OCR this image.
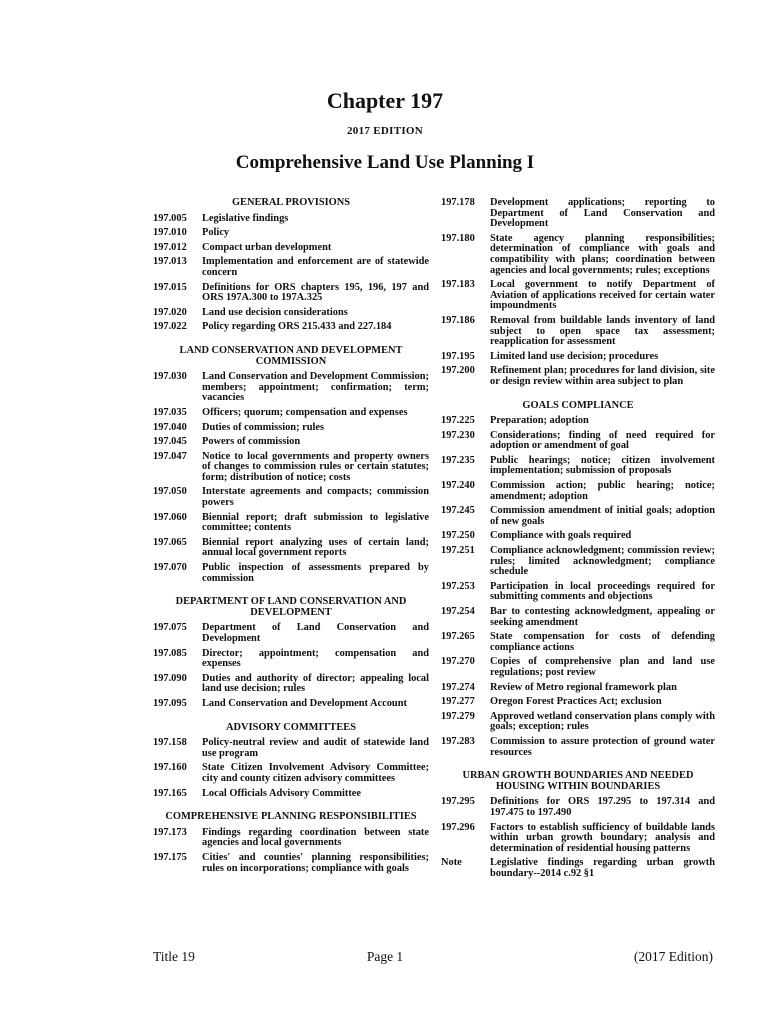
Chapter 197
2017 EDITION
Comprehensive Land Use Planning I
GENERAL PROVISIONS
197.005	Legislative findings
197.010	Policy
197.012	Compact urban development
197.013	Implementation and enforcement are of statewide concern
197.015	Definitions for ORS chapters 195, 196, 197 and ORS 197A.300 to 197A.325
197.020	Land use decision considerations
197.022	Policy regarding ORS 215.433 and 227.184
LAND CONSERVATION AND DEVELOPMENT COMMISSION
197.030	Land Conservation and Development Commission; members; appointment; confirmation; term; vacancies
197.035	Officers; quorum; compensation and expenses
197.040	Duties of commission; rules
197.045	Powers of commission
197.047	Notice to local governments and property owners of changes to commission rules or certain statutes; form; distribution of notice; costs
197.050	Interstate agreements and compacts; commission powers
197.060	Biennial report; draft submission to legislative committee; contents
197.065	Biennial report analyzing uses of certain land; annual local government reports
197.070	Public inspection of assessments prepared by commission
DEPARTMENT OF LAND CONSERVATION AND DEVELOPMENT
197.075	Department of Land Conservation and Development
197.085	Director; appointment; compensation and expenses
197.090	Duties and authority of director; appealing local land use decision; rules
197.095	Land Conservation and Development Account
ADVISORY COMMITTEES
197.158	Policy-neutral review and audit of statewide land use program
197.160	State Citizen Involvement Advisory Committee; city and county citizen advisory committees
197.165	Local Officials Advisory Committee
COMPREHENSIVE PLANNING RESPONSIBILITIES
197.173	Findings regarding coordination between state agencies and local governments
197.175	Cities' and counties' planning responsibilities; rules on incorporations; compliance with goals
197.178	Development applications; reporting to Department of Land Conservation and Development
197.180	State agency planning responsibilities; determination of compliance with goals and compatibility with plans; coordination between agencies and local governments; rules; exceptions
197.183	Local government to notify Department of Aviation of applications received for certain water impoundments
197.186	Removal from buildable lands inventory of land subject to open space tax assessment; reapplication for assessment
197.195	Limited land use decision; procedures
197.200	Refinement plan; procedures for land division, site or design review within area subject to plan
GOALS COMPLIANCE
197.225	Preparation; adoption
197.230	Considerations; finding of need required for adoption or amendment of goal
197.235	Public hearings; notice; citizen involvement implementation; submission of proposals
197.240	Commission action; public hearing; notice; amendment; adoption
197.245	Commission amendment of initial goals; adoption of new goals
197.250	Compliance with goals required
197.251	Compliance acknowledgment; commission review; rules; limited acknowledgment; compliance schedule
197.253	Participation in local proceedings required for submitting comments and objections
197.254	Bar to contesting acknowledgment, appealing or seeking amendment
197.265	State compensation for costs of defending compliance actions
197.270	Copies of comprehensive plan and land use regulations; post review
197.274	Review of Metro regional framework plan
197.277	Oregon Forest Practices Act; exclusion
197.279	Approved wetland conservation plans comply with goals; exception; rules
197.283	Commission to assure protection of ground water resources
URBAN GROWTH BOUNDARIES AND NEEDED HOUSING WITHIN BOUNDARIES
197.295	Definitions for ORS 197.295 to 197.314 and 197.475 to 197.490
197.296	Factors to establish sufficiency of buildable lands within urban growth boundary; analysis and determination of residential housing patterns
Note	Legislative findings regarding urban growth boundary--2014 c.92 §1
Title 19	Page 1	(2017 Edition)
